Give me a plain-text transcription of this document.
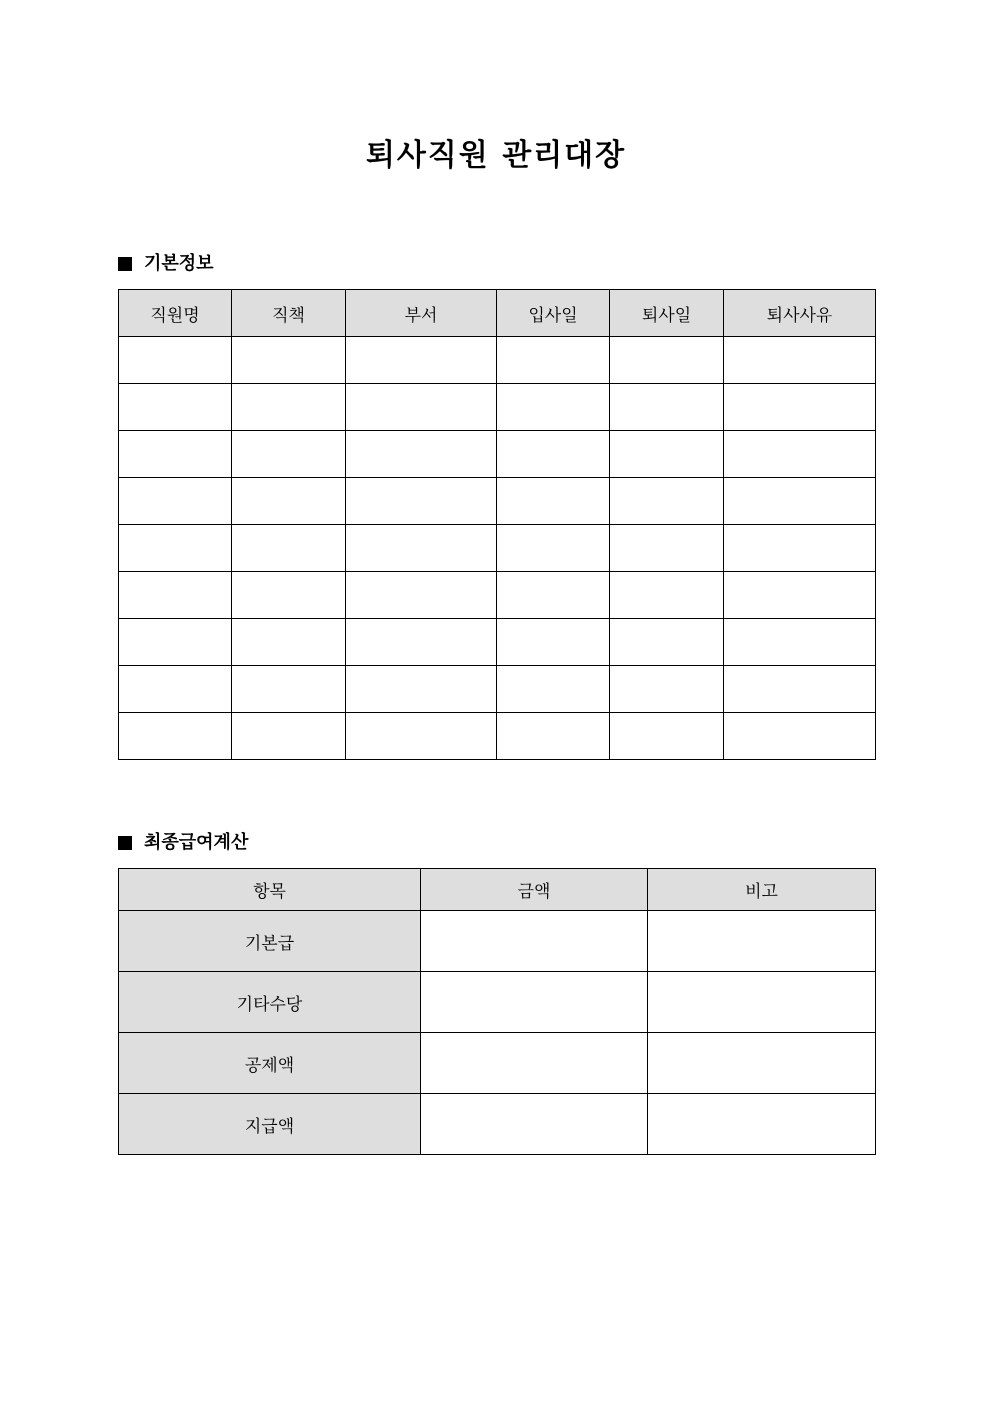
퇴사직원 관리대장
기본정보
직원명	직책	부서	입사일	퇴사일	퇴사사유

최종급여계산
항목	금액	비고
기본급		
기타수당		
공제액		
지급액		
